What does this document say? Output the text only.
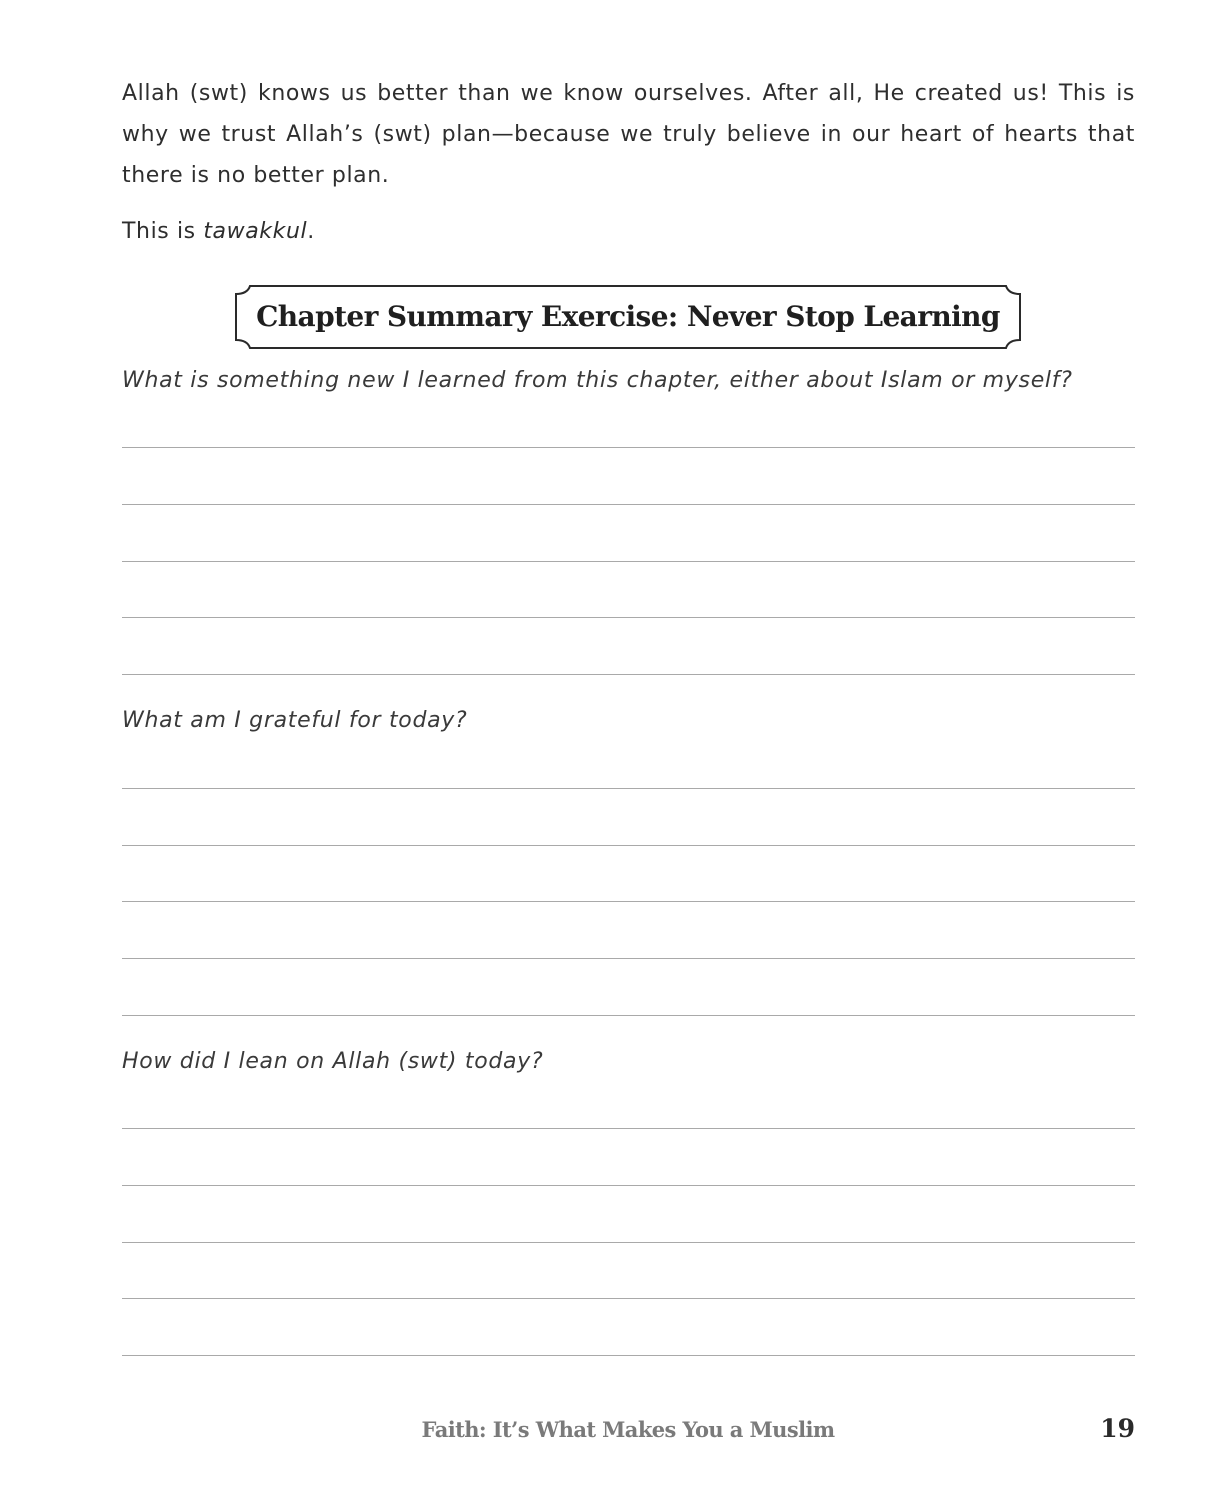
Allah (swt) knows us better than we know ourselves. After all, He created us! This is why we trust Allah’s (swt) plan—because we truly believe in our heart of hearts that there is no better plan.

This is tawakkul.

Chapter Summary Exercise: Never Stop Learning

What is something new I learned from this chapter, either about Islam or myself?

What am I grateful for today?

How did I lean on Allah (swt) today?

Faith: It’s What Makes You a Muslim	19
